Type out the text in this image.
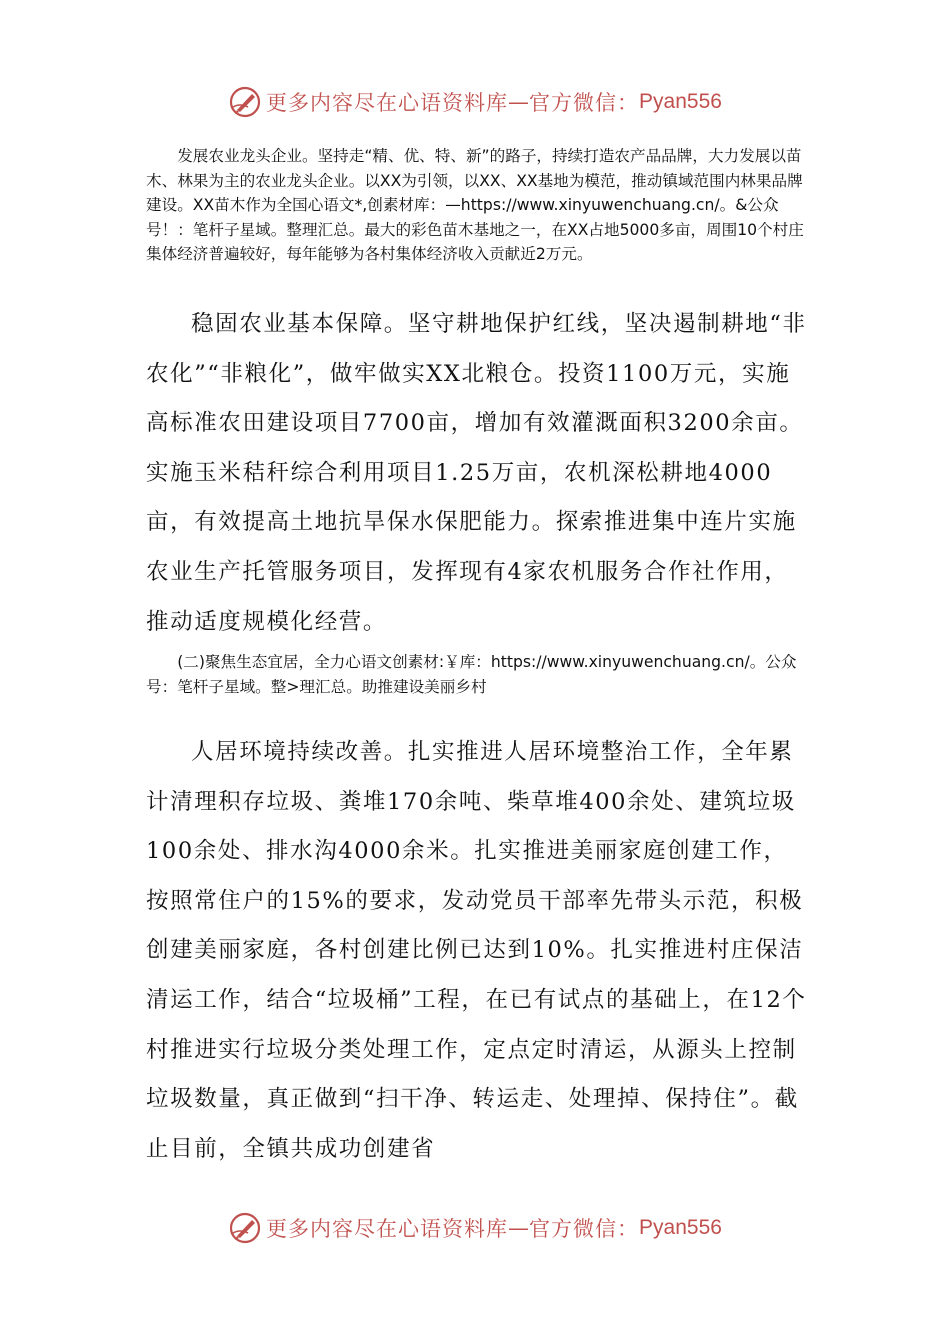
更多内容尽在心语资料库 — 官方微信： Pyan556

发展农业龙头企业。坚持走“精、优、特、新”的路子，持续打造农产品品牌，大力发展以苗木、林果为主的农业龙头企业。以XX为引领，以XX、XX基地为模范，推动镇域范围内林果品牌建设。XX苗木作为全国心语文*,创素材库：—https://www.xinyuwenchuang.cn/。&公众号！：笔杆子星域。整理汇总。最大的彩色苗木基地之一，在XX占地5000多亩，周围10个村庄集体经济普遍较好，每年能够为各村集体经济收入贡献近2万元。

稳固农业基本保障。坚守耕地保护红线，坚决遏制耕地“非农化”“非粮化”，做牢做实XX北粮仓。投资1100万元，实施高标准农田建设项目7700亩，增加有效灌溉面积3200余亩。实施玉米秸秆综合利用项目1.25万亩，农机深松耕地4000亩，有效提高土地抗旱保水保肥能力。探索推进集中连片实施农业生产托管服务项目，发挥现有4家农机服务合作社作用，推动适度规模化经营。

(二)聚焦生态宜居，全力心语文创素材:￥库：https://www.xinyuwenchuang.cn/。公众号：笔杆子星域。整>理汇总。助推建设美丽乡村

人居环境持续改善。扎实推进人居环境整治工作，全年累计清理积存垃圾、粪堆170余吨、柴草堆400余处、建筑垃圾100余处、排水沟4000余米。扎实推进美丽家庭创建工作，按照常住户的15%的要求，发动党员干部率先带头示范，积极创建美丽家庭，各村创建比例已达到10%。扎实推进村庄保洁清运工作，结合“垃圾桶”工程，在已有试点的基础上，在12个村推进实行垃圾分类处理工作，定点定时清运，从源头上控制垃圾数量，真正做到“扫干净、转运走、处理掉、保持住”。截止目前，全镇共成功创建省

更多内容尽在心语资料库 — 官方微信： Pyan556
